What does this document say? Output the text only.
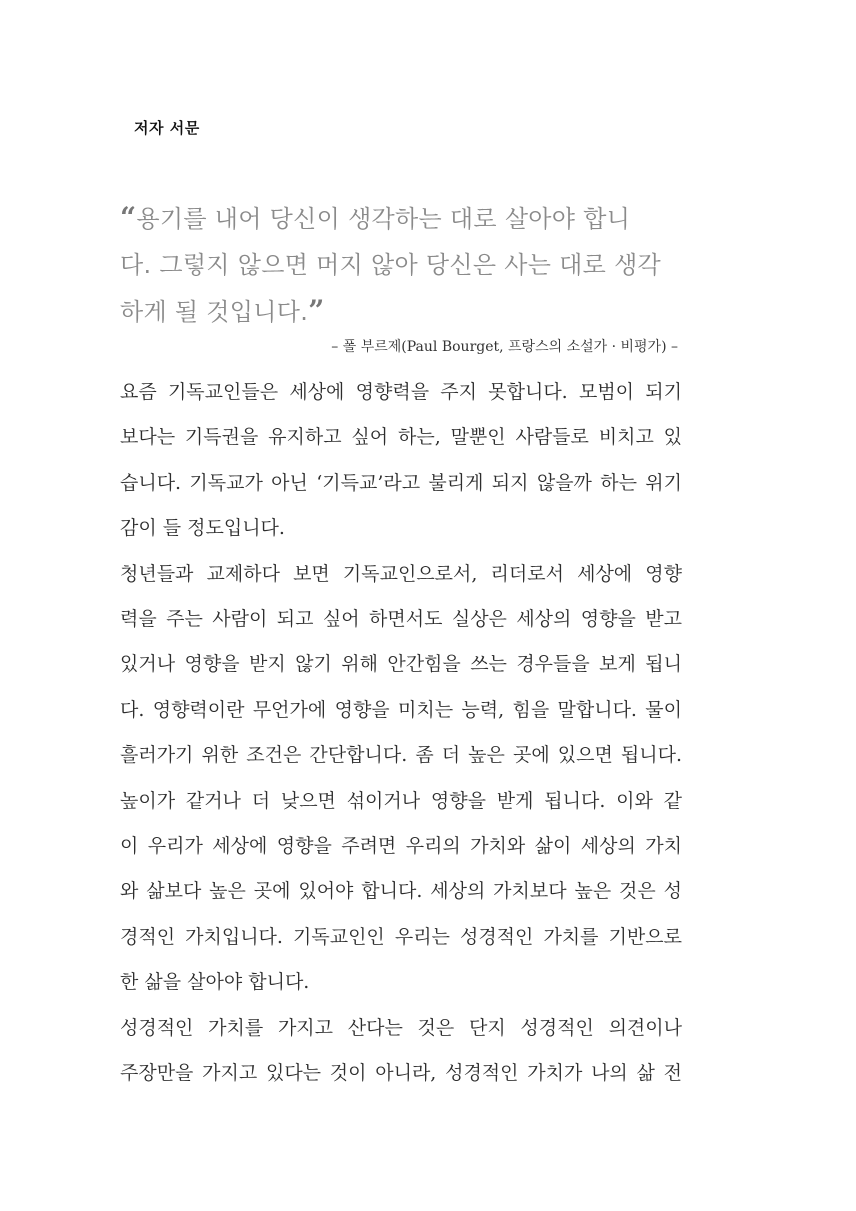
저자 서문
“용기를 내어 당신이 생각하는 대로 살아야 합니
다. 그렇지 않으면 머지 않아 당신은 사는 대로 생각
하게 될 것입니다.”
– 폴 부르제(Paul Bourget, 프랑스의 소설가 · 비평가) –
요즘 기독교인들은 세상에 영향력을 주지 못합니다. 모범이 되기
보다는 기득권을 유지하고 싶어 하는, 말뿐인 사람들로 비치고 있
습니다. 기독교가 아닌 ‘기득교’라고 불리게 되지 않을까 하는 위기
감이 들 정도입니다.
청년들과 교제하다 보면 기독교인으로서, 리더로서 세상에 영향
력을 주는 사람이 되고 싶어 하면서도 실상은 세상의 영향을 받고
있거나 영향을 받지 않기 위해 안간힘을 쓰는 경우들을 보게 됩니
다. 영향력이란 무언가에 영향을 미치는 능력, 힘을 말합니다. 물이
흘러가기 위한 조건은 간단합니다. 좀 더 높은 곳에 있으면 됩니다.
높이가 같거나 더 낮으면 섞이거나 영향을 받게 됩니다. 이와 같
이 우리가 세상에 영향을 주려면 우리의 가치와 삶이 세상의 가치
와 삶보다 높은 곳에 있어야 합니다. 세상의 가치보다 높은 것은 성
경적인 가치입니다. 기독교인인 우리는 성경적인 가치를 기반으로
한 삶을 살아야 합니다.
성경적인 가치를 가지고 산다는 것은 단지 성경적인 의견이나
주장만을 가지고 있다는 것이 아니라, 성경적인 가치가 나의 삶 전
